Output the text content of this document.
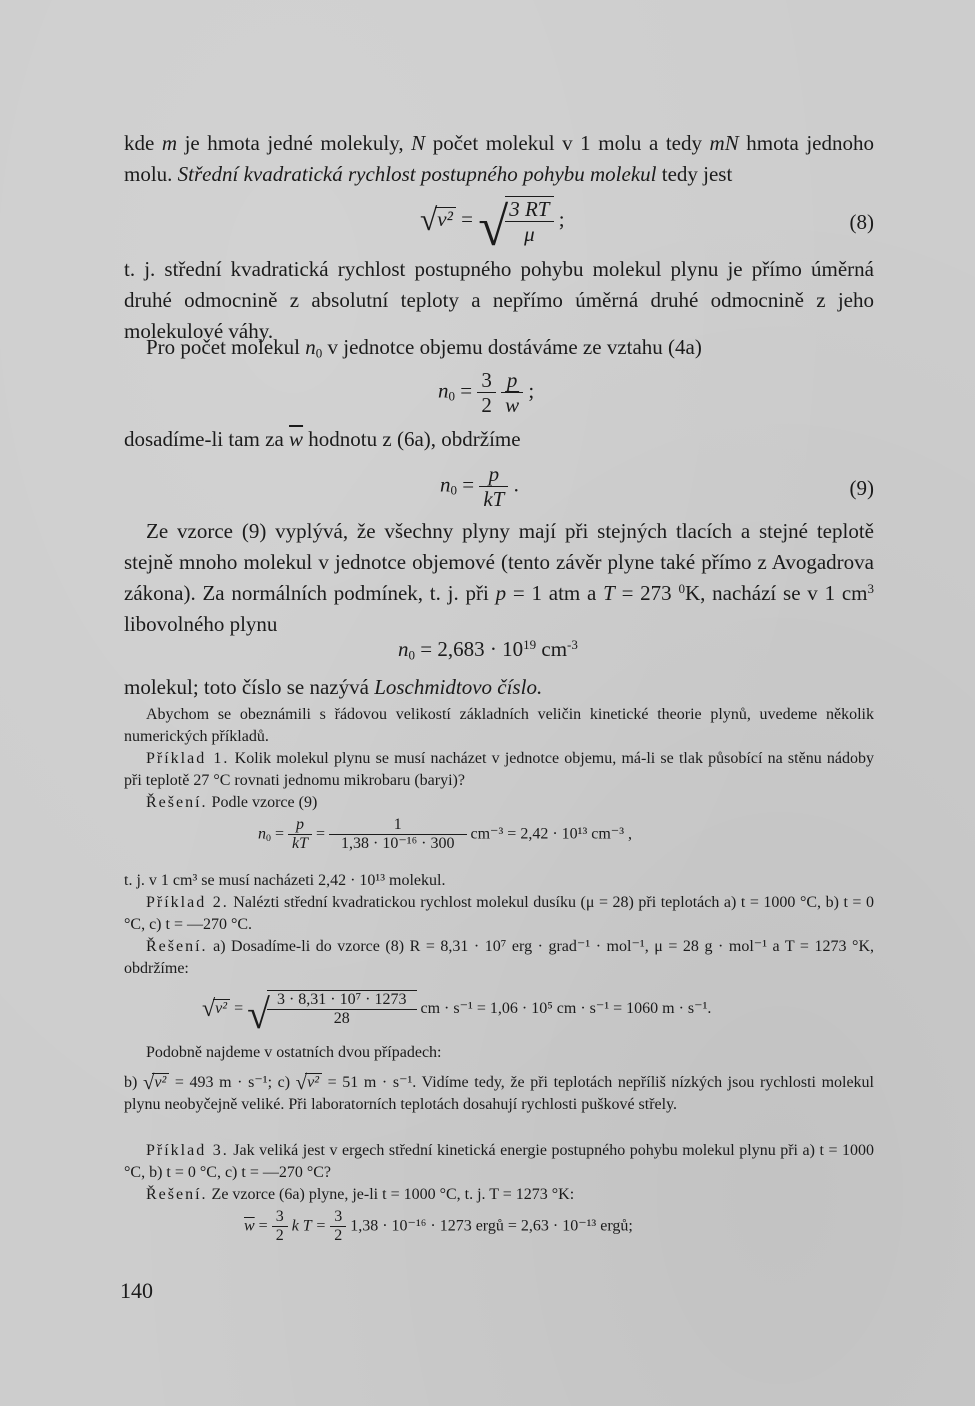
kde m je hmota jedné molekuly, N počet molekul v 1 molu a tedy mN hmota jednoho molu. Střední kvadratická rychlost postupného pohybu molekul tedy jest
√v² = √
$\frac{3 RT}{\mu}$ ;	(8)
t. j. střední kvadratická rychlost postupného pohybu molekul plynu je přímo úměrná druhé odmocnině z absolutní teploty a nepřímo úměrná druhé odmocnině z jeho molekulové váhy.
Pro počet molekul $n_0$ v jednotce objemu dostáváme ze vztahu (4a)
$n_0 = \frac{3}{2}$
$\frac{p}{w}$ ;
dosadíme-li tam za $\overline{w}$ hodnotu z (6a), obdržíme
$n_0 = \frac{p}{kT}$ .	(9)
Ze vzorce (9) vyplývá, že všechny plyny mají při stejných tlacích a stejné teplotě stejně mnoho molekul v jednotce objemové (tento závěr plyne také přímo z Avogadrova zákona). Za normálních podmínek, t. j. při p = 1 atm a T = 273 $^0$K, nachází se v 1 $cm^3$ libovolného plynu
$n_0 = 2,683 \cdot 10^{19}$ $cm^{-3}$
molekul; toto číslo se nazývá Loschmidtovo číslo.
Abychom se obeznámili s řádovou velikostí základních veličin kinetické theorie plynů, uvedeme několik numerických příkladů.
Příklad 1. Kolik molekul plynu se musí nacházet v jednotce objemu, má-li se tlak působící na stěnu nádoby při teplotě 27 °C rovnati jednomu mikrobaru (baryi)?
Řešení. Podle vzorce (9)
$n_0 = \frac{p}{kT} = \frac{1}{\text{1,38 · 10⁻¹⁶ · 300}} cm^{-3} = 2,42 \cdot 10^{13}$ cm⁻³ ,
t. j. v 1 cm³ se musí nacházeti 2,42 · 10¹³ molekul.
Příklad 2. Nalézti střední kvadratickou rychlost molekul dusíku (μ = 28) při teplotách a) t = 1000 °C, b) t = 0 °C, c) t = —270 °C.
Řešení. a) Dosadíme-li do vzorce (8) R = 8,31 · 10⁷ erg · grad⁻¹ · mol⁻¹, μ = 28 g · mol⁻¹ a T = 1273 °K, obdržíme:
√v² = √
$\frac{\text{3 · 8,31 · 10⁷ · 1273}}{28}$ cm · s⁻¹ = 1,06 · 10⁵ cm · s⁻¹ = 1060 m · s⁻¹.
Podobně najdeme v ostatních dvou případech:
b) √v² = 493 m · s⁻¹; c) √v² = 51 m · s⁻¹. Vidíme tedy, že při teplotách nepříliš nízkých jsou rychlosti molekul plynu neobyčejně veliké. Při laboratorních teplotách dosahují rychlosti puškové střely.
Příklad 3. Jak veliká jest v ergech střední kinetická energie postupného pohybu molekul plynu při a) t = 1000 °C, b) t = 0 °C, c) t = —270 °C?
Řešení. Ze vzorce (6a) plyne, je-li t = 1000 °C, t. j. T = 1273 °K:
$\overline{w} = \frac{3}{2}$ k $T = \frac{3}{2} 1,38 \cdot 10^{-16} \cdot 1273$ ergů = 2,63 · 10⁻¹³ ergů;
140
